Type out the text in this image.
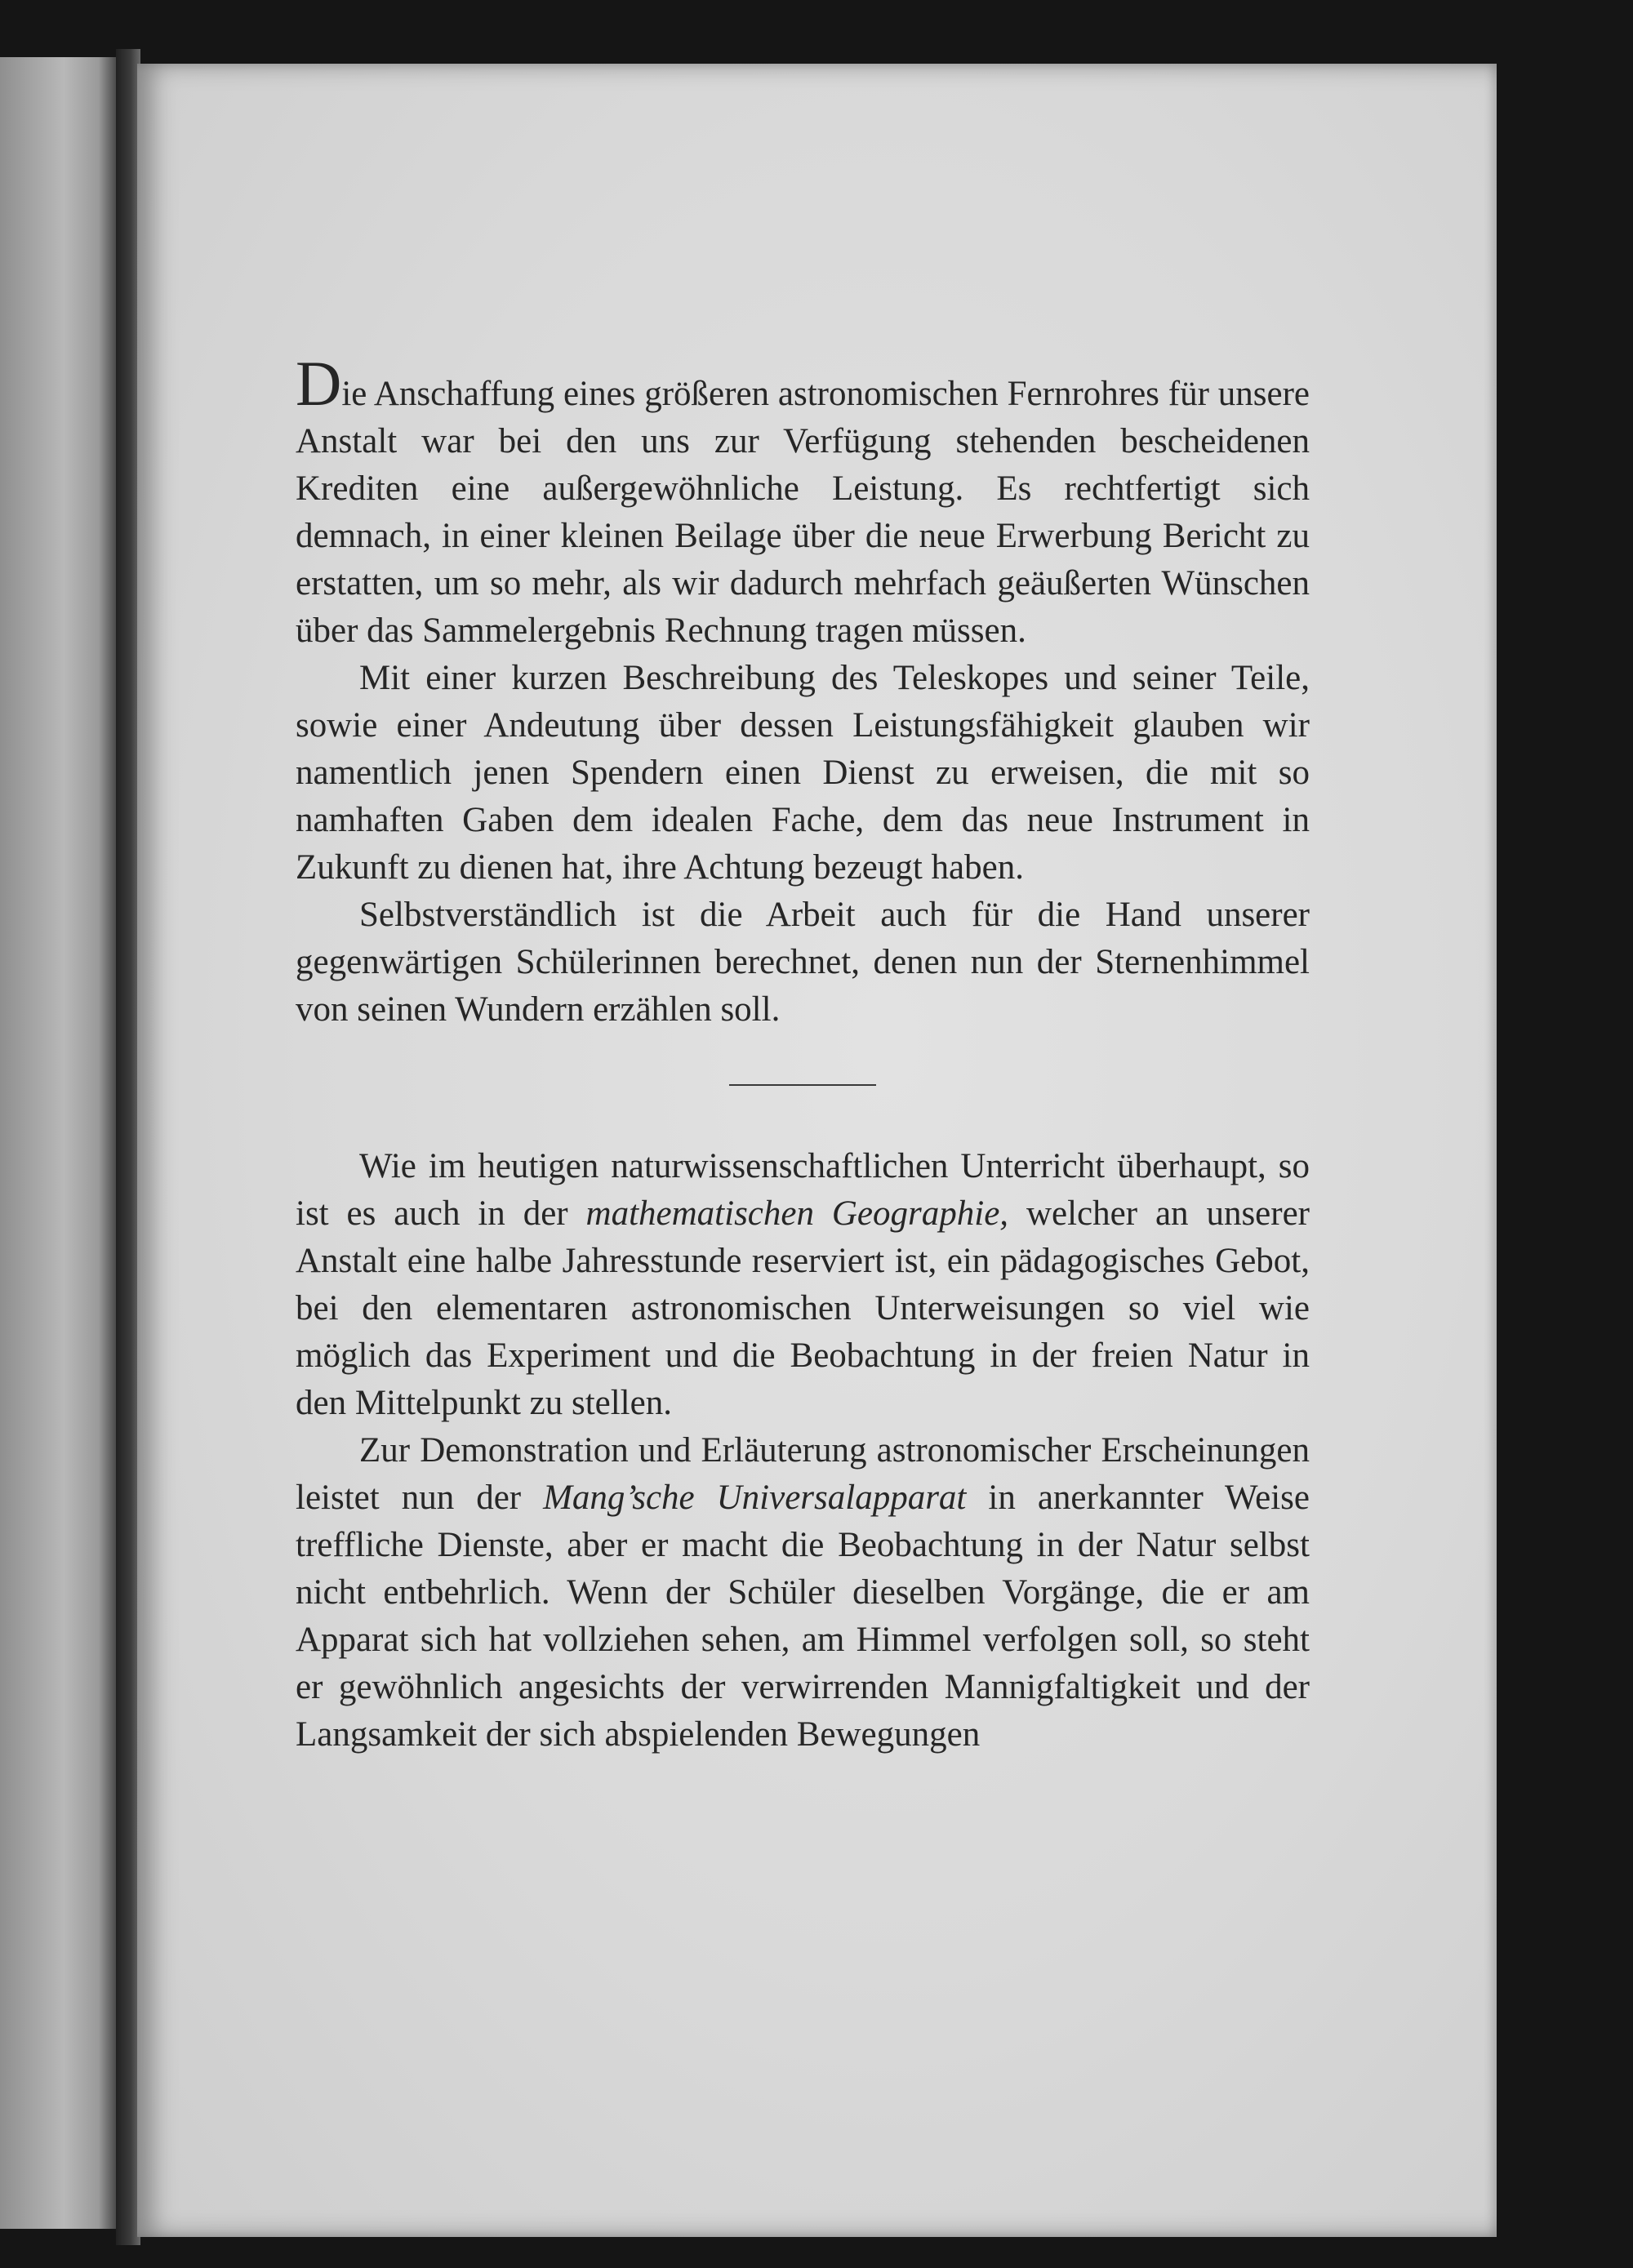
Die Anschaffung eines größeren astronomischen Fernrohres für unsere Anstalt war bei den uns zur Verfügung stehenden bescheidenen Krediten eine außergewöhnliche Leistung. Es rechtfertigt sich demnach, in einer kleinen Beilage über die neue Erwerbung Bericht zu erstatten, um so mehr, als wir dadurch mehrfach geäußerten Wünschen über das Sammelergebnis Rechnung tragen müssen.

Mit einer kurzen Beschreibung des Teleskopes und seiner Teile, sowie einer Andeutung über dessen Leistungsfähigkeit glauben wir namentlich jenen Spendern einen Dienst zu erweisen, die mit so namhaften Gaben dem idealen Fache, dem das neue Instrument in Zukunft zu dienen hat, ihre Achtung bezeugt haben.

Selbstverständlich ist die Arbeit auch für die Hand unserer gegenwärtigen Schülerinnen berechnet, denen nun der Sternenhimmel von seinen Wundern erzählen soll.

Wie im heutigen naturwissenschaftlichen Unterricht überhaupt, so ist es auch in der mathematischen Geographie, welcher an unserer Anstalt eine halbe Jahresstunde reserviert ist, ein pädagogisches Gebot, bei den elementaren astronomischen Unterweisungen so viel wie möglich das Experiment und die Beobachtung in der freien Natur in den Mittelpunkt zu stellen.

Zur Demonstration und Erläuterung astronomischer Erscheinungen leistet nun der Mang’sche Universalapparat in anerkannter Weise treffliche Dienste, aber er macht die Beobachtung in der Natur selbst nicht entbehrlich. Wenn der Schüler dieselben Vorgänge, die er am Apparat sich hat vollziehen sehen, am Himmel verfolgen soll, so steht er gewöhnlich angesichts der verwirrenden Mannigfaltigkeit und der Langsamkeit der sich abspielenden Bewegungen
